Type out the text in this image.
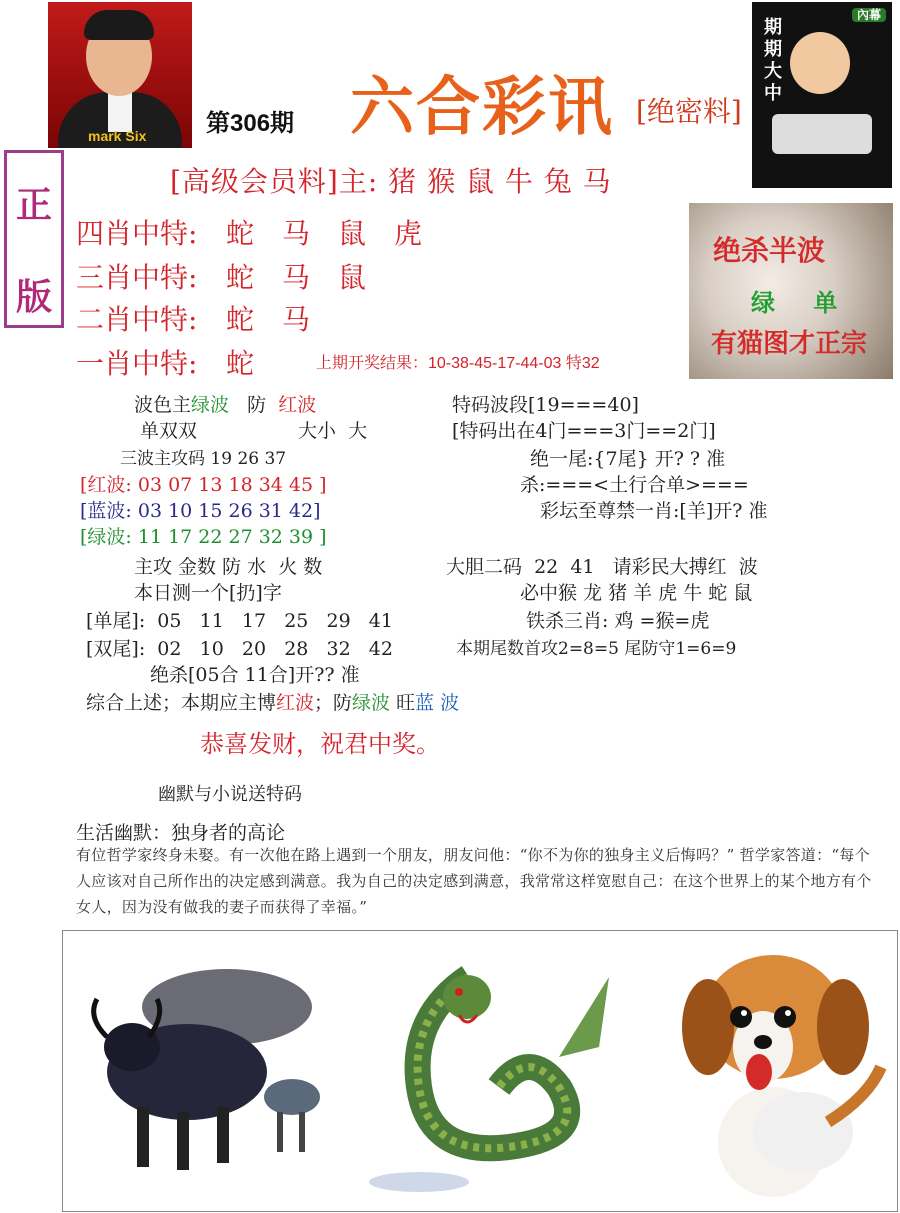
mark Six 第306期 六合彩讯 [绝密料]
期期大中
內幕
正
版
[高级会员料]主: 猪 猴 鼠 牛 兔 马
四肖中特: 蛇　马　鼠　虎
三肖中特: 蛇　马　鼠
二肖中特: 蛇　马
一肖中特: 蛇	上期开奖结果：10-38-45-17-44-03 特32
绝杀半波
绿 单
有猫图才正宗
波色主绿波 防 红波
单双双	大小  大
三波主攻码 19 26 37
[红波: 03 07 13 18 34 45 ]
[蓝波: 03 10 15 26 31 42]
[绿波: 11 17 22 27 32 39 ]
主攻 金数 防 水  火 数
本日测一个[扔]字
[单尾]:  05   11   17   25   29   41
[双尾]:  02   10   20   28   32   42
绝杀[05合 11合]开?? 准
综合上述；本期应主博红波；防绿波 旺蓝 波
特码波段[19===40]
[特码出在4门===3门==2门]
绝一尾:{7尾} 开? ? 准
杀:===<土行合单>===
彩坛至尊禁一肖:[羊]开? 准
大胆二码  22  41   请彩民大搏红  波
必中猴 龙 猪 羊 虎 牛 蛇 鼠
铁杀三肖: 鸡 =猴=虎
本期尾数首攻2=8=5 尾防守1=6=9
恭喜发财，祝君中奖。
幽默与小说送特码
生活幽默：独身者的高论
有位哲学家终身未娶。有一次他在路上遇到一个朋友，朋友问他：“你不为你的独身主义后悔吗？” 哲学家答道：“每个人应该对自己所作出的决定感到满意。我为自己的决定感到满意，我常常这样宽慰自己：在这个世界上的某个地方有个女人，因为没有做我的妻子而获得了幸福。”
